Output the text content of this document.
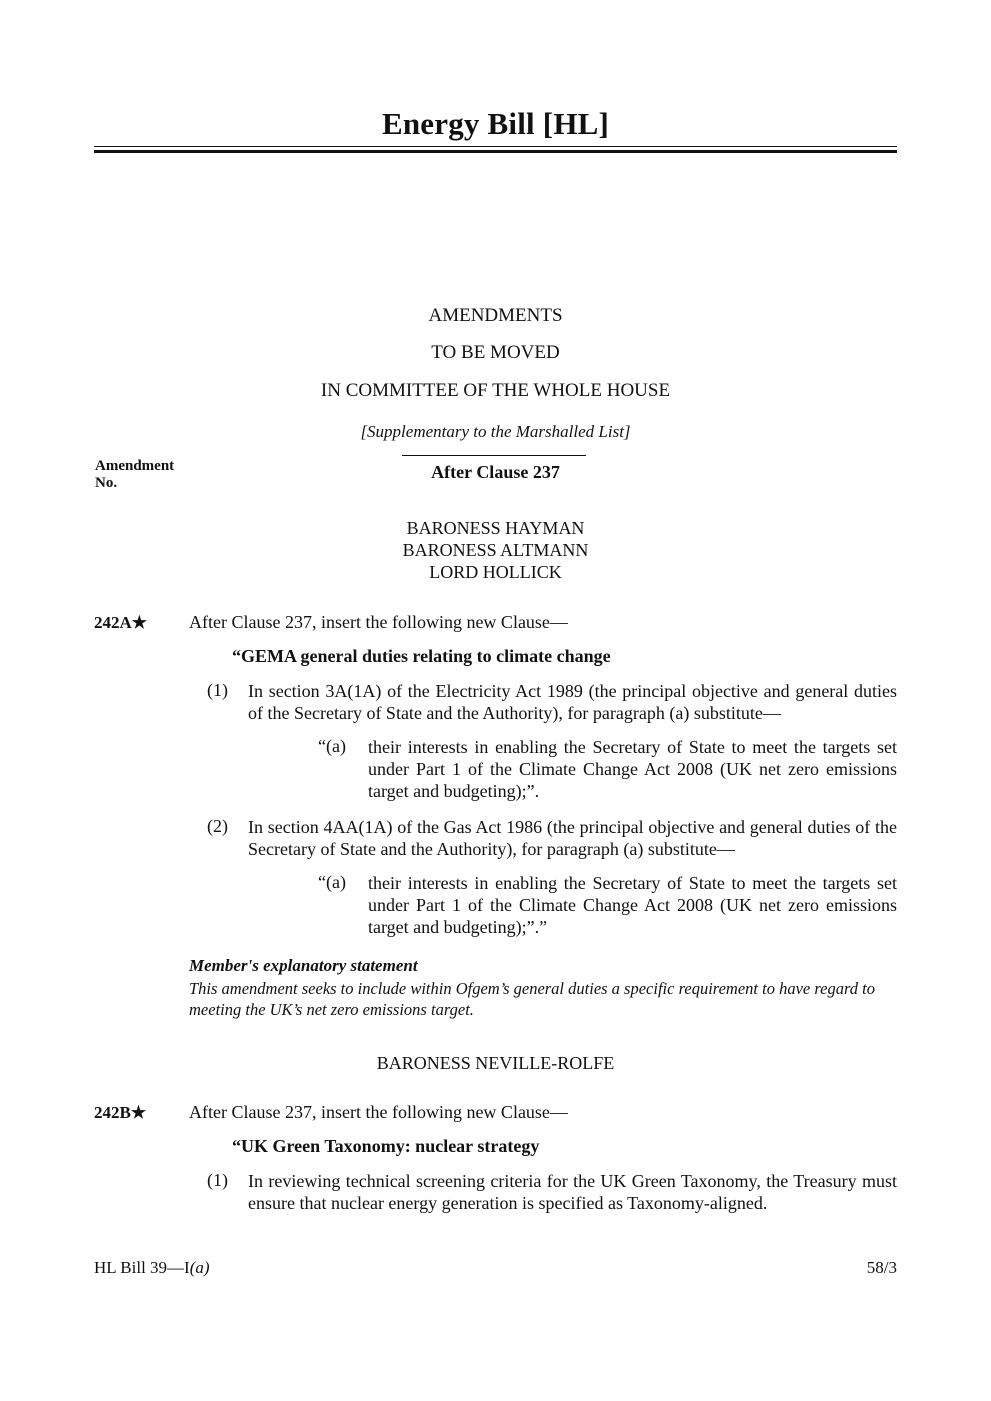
Energy Bill [HL]
AMENDMENTS
TO BE MOVED
IN COMMITTEE OF THE WHOLE HOUSE
[Supplementary to the Marshalled List]
Amendment
No.
After Clause 237
BARONESS HAYMAN
BARONESS ALTMANN
LORD HOLLICK
242A★ After Clause 237, insert the following new Clause—
“GEMA general duties relating to climate change
(1) In section 3A(1A) of the Electricity Act 1989 (the principal objective and general duties of the Secretary of State and the Authority), for paragraph (a) substitute—
“(a) their interests in enabling the Secretary of State to meet the targets set under Part 1 of the Climate Change Act 2008 (UK net zero emissions target and budgeting);”.
(2) In section 4AA(1A) of the Gas Act 1986 (the principal objective and general duties of the Secretary of State and the Authority), for paragraph (a) substitute—
“(a) their interests in enabling the Secretary of State to meet the targets set under Part 1 of the Climate Change Act 2008 (UK net zero emissions target and budgeting);”.”
Member's explanatory statement
This amendment seeks to include within Ofgem’s general duties a specific requirement to have regard to meeting the UK’s net zero emissions target.
BARONESS NEVILLE-ROLFE
242B★ After Clause 237, insert the following new Clause—
“UK Green Taxonomy: nuclear strategy
(1) In reviewing technical screening criteria for the UK Green Taxonomy, the Treasury must ensure that nuclear energy generation is specified as Taxonomy-aligned.
HL Bill 39—I(a)	58/3
